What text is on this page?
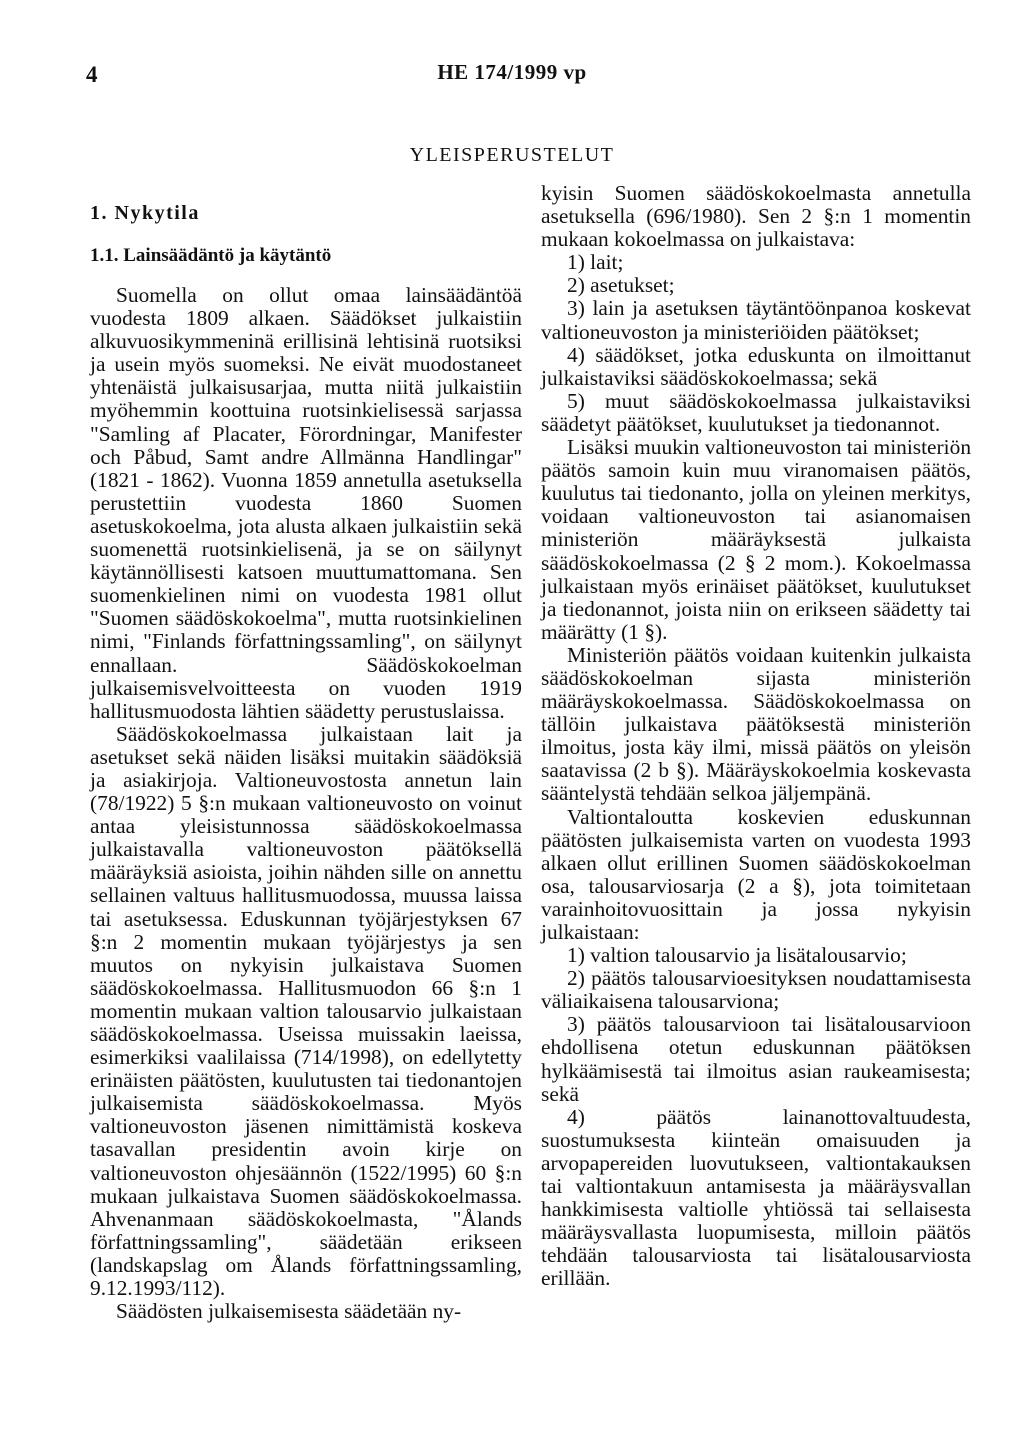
4	HE 174/1999 vp
YLEISPERUSTELUT
1. Nykytila
1.1. Lainsäädäntö ja käytäntö

Suomella on ollut omaa lainsäädäntöä vuodesta 1809 alkaen. Säädökset julkaistiin alkuvuosikymmeninä erillisinä lehtisinä ruotsiksi ja usein myös suomeksi. Ne eivät muodostaneet yhtenäistä julkaisusarjaa, mutta niitä julkaistiin myöhemmin koottuina ruotsinkielisessä sarjassa "Samling af Placater, Förordningar, Manifester och Påbud, Samt andre Allmänna Handlingar" (1821 - 1862). Vuonna 1859 annetulla asetuksella perustettiin vuodesta 1860 Suomen asetuskokoelma, jota alusta alkaen julkaistiin sekä suomenettä ruotsinkielisenä, ja se on säilynyt käytännöllisesti katsoen muuttumattomana. Sen suomenkielinen nimi on vuodesta 1981 ollut "Suomen säädöskokoelma", mutta ruotsinkielinen nimi, "Finlands författningssamling", on säilynyt ennallaan. Säädöskokoelman julkaisemisvelvoitteesta on vuoden 1919 hallitusmuodosta lähtien säädetty perustuslaissa.

Säädöskokoelmassa julkaistaan lait ja asetukset sekä näiden lisäksi muitakin säädöksiä ja asiakirjoja. Valtioneuvostosta annetun lain (78/1922) 5 §:n mukaan valtioneuvosto on voinut antaa yleisistunnossa säädöskokoelmassa julkaistavalla valtioneuvoston päätöksellä määräyksiä asioista, joihin nähden sille on annettu sellainen valtuus hallitusmuodossa, muussa laissa tai asetuksessa. Eduskunnan työjärjestyksen 67 §:n 2 momentin mukaan työjärjestys ja sen muutos on nykyisin julkaistava Suomen säädöskokoelmassa. Hallitusmuodon 66 §:n 1 momentin mukaan valtion talousarvio julkaistaan säädöskokoelmassa. Useissa muissakin laeissa, esimerkiksi vaalilaissa (714/1998), on edellytetty erinäisten päätösten, kuulutusten tai tiedonantojen julkaisemista säädöskokoelmassa. Myös valtioneuvoston jäsenen nimittämistä koskeva tasavallan presidentin avoin kirje on valtioneuvoston ohjesäännön (1522/1995) 60 §:n mukaan julkaistava Suomen säädöskokoelmassa. Ahvenanmaan säädöskokoelmasta, "Ålands författningssamling", säädetään erikseen (landskapslag om Ålands författningssamling, 9.12.1993/112).

Säädösten julkaisemisesta säädetään ny-

kyisin Suomen säädöskokoelmasta annetulla asetuksella (696/1980). Sen 2 §:n 1 momentin mukaan kokoelmassa on julkaistava:

1) lait;

2) asetukset;

3) lain ja asetuksen täytäntöönpanoa koskevat valtioneuvoston ja ministeriöiden päätökset;

4) säädökset, jotka eduskunta on ilmoittanut julkaistaviksi säädöskokoelmassa; sekä

5) muut säädöskokoelmassa julkaistaviksi säädetyt päätökset, kuulutukset ja tiedonannot.

Lisäksi muukin valtioneuvoston tai ministeriön päätös samoin kuin muu viranomaisen päätös, kuulutus tai tiedonanto, jolla on yleinen merkitys, voidaan valtioneuvoston tai asianomaisen ministeriön määräyksestä julkaista säädöskokoelmassa (2 § 2 mom.). Kokoelmassa julkaistaan myös erinäiset päätökset, kuulutukset ja tiedonannot, joista niin on erikseen säädetty tai määrätty (1 §).

Ministeriön päätös voidaan kuitenkin julkaista säädöskokoelman sijasta ministeriön määräyskokoelmassa. Säädöskokoelmassa on tällöin julkaistava päätöksestä ministeriön ilmoitus, josta käy ilmi, missä päätös on yleisön saatavissa (2 b §). Määräyskokoelmia koskevasta sääntelystä tehdään selkoa jäljempänä.

Valtiontaloutta koskevien eduskunnan päätösten julkaisemista varten on vuodesta 1993 alkaen ollut erillinen Suomen säädöskokoelman osa, talousarviosarja (2 a §), jota toimitetaan varainhoitovuosittain ja jossa nykyisin julkaistaan:

1) valtion talousarvio ja lisätalousarvio;

2) päätös talousarvioesityksen noudattamisesta väliaikaisena talousarviona;

3) päätös talousarvioon tai lisätalousarvioon ehdollisena otetun eduskunnan päätöksen hylkäämisestä tai ilmoitus asian raukeamisesta; sekä

4) päätös lainanottovaltuudesta, suostumuksesta kiinteän omaisuuden ja arvopapereiden luovutukseen, valtiontakauksen tai valtiontakuun antamisesta ja määräysvallan hankkimisesta valtiolle yhtiössä tai sellaisesta määräysvallasta luopumisesta, milloin päätös tehdään talousarviosta tai lisätalousarviosta erillään.
